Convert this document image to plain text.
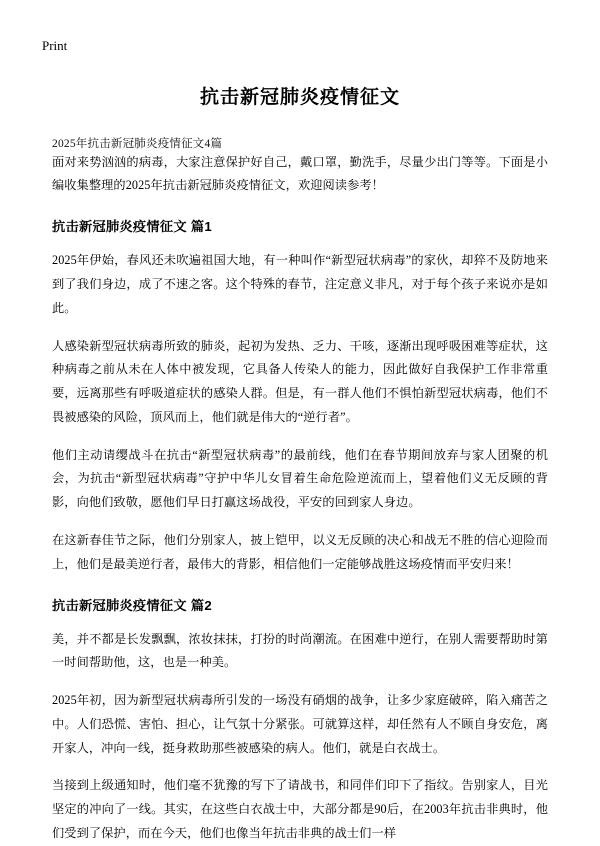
Print
抗击新冠肺炎疫情征文
2025年抗击新冠肺炎疫情征文4篇

面对来势汹汹的病毒，大家注意保护好自己，戴口罩，勤洗手，尽量少出门等等。下面是小编收集整理的2025年抗击新冠肺炎疫情征文，欢迎阅读参考！

抗击新冠肺炎疫情征文 篇1

2025年伊始，春风还未吹遍祖国大地，有一种叫作“新型冠状病毒”的家伙，却猝不及防地来到了我们身边，成了不速之客。这个特殊的春节，注定意义非凡，对于每个孩子来说亦是如此。

人感染新型冠状病毒所致的肺炎，起初为发热、乏力、干咳，逐渐出现呼吸困难等症状，这种病毒之前从未在人体中被发现，它具备人传染人的能力，因此做好自我保护工作非常重要，远离那些有呼吸道症状的感染人群。但是，有一群人他们不惧怕新型冠状病毒，他们不畏被感染的风险，顶风而上，他们就是伟大的“逆行者”。

他们主动请缨战斗在抗击“新型冠状病毒”的最前线，他们在春节期间放弃与家人团聚的机会，为抗击“新型冠状病毒”守护中华儿女冒着生命危险逆流而上，望着他们义无反顾的背影，向他们致敬，愿他们早日打赢这场战役，平安的回到家人身边。

在这新春佳节之际，他们分别家人，披上铠甲，以义无反顾的决心和战无不胜的信心迎险而上，他们是最美逆行者，最伟大的背影，相信他们一定能够战胜这场疫情而平安归来！

抗击新冠肺炎疫情征文 篇2

美，并不都是长发飘飘，浓妆抹抹，打扮的时尚潮流。在困难中逆行，在别人需要帮助时第一时间帮助他，这，也是一种美。

2025年初，因为新型冠状病毒所引发的一场没有硝烟的战争，让多少家庭破碎，陷入痛苦之中。人们恐慌、害怕、担心，让气氛十分紧张。可就算这样，却任然有人不顾自身安危，离开家人，冲向一线，挺身救助那些被感染的病人。他们，就是白衣战士。

当接到上级通知时，他们毫不犹豫的写下了请战书，和同伴们印下了指纹。告别家人，目光坚定的冲向了一线。其实，在这些白衣战士中，大部分都是90后，在2003年抗击非典时，他们受到了保护，而在今天，他们也像当年抗击非典的战士们一样
